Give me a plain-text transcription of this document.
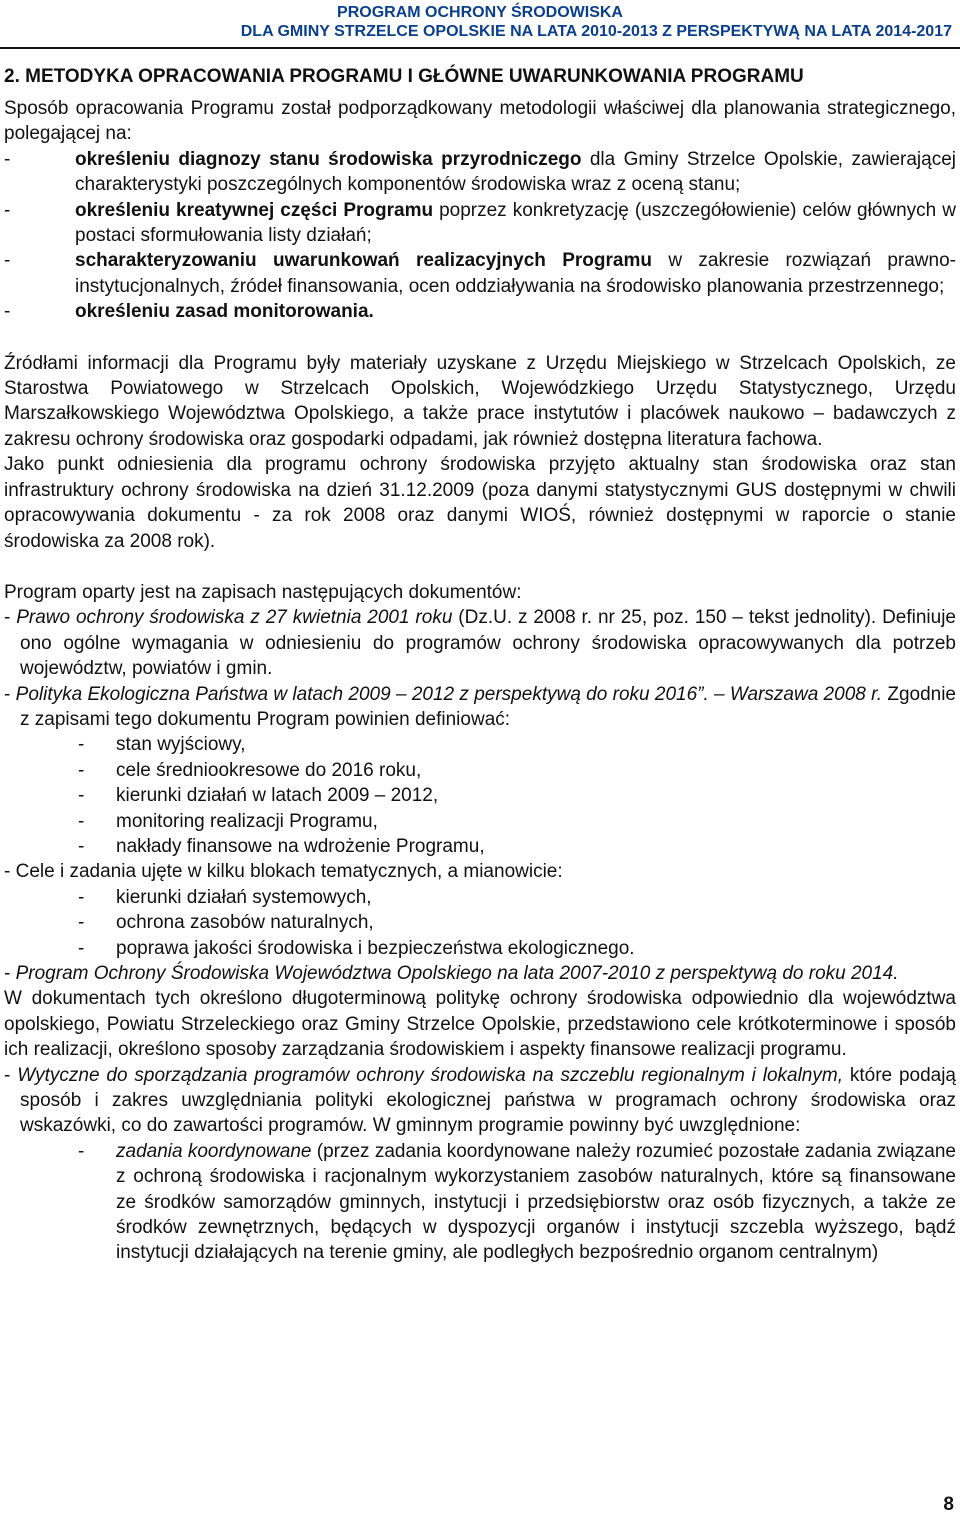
PROGRAM OCHRONY ŚRODOWISKA
DLA GMINY STRZELCE OPOLSKIE NA LATA 2010-2013 Z PERSPEKTYWĄ NA LATA 2014-2017
2. METODYKA OPRACOWANIA PROGRAMU I GŁÓWNE UWARUNKOWANIA PROGRAMU

Sposób opracowania Programu został podporządkowany metodologii właściwej dla planowania strategicznego, polegającej na:

-	określeniu diagnozy stanu środowiska przyrodniczego dla Gminy Strzelce Opolskie, zawierającej charakterystyki poszczególnych komponentów środowiska wraz z oceną stanu;
-	określeniu kreatywnej części Programu poprzez konkretyzację (uszczegółowienie) celów głównych w postaci sformułowania listy działań;
-	scharakteryzowaniu uwarunkowań realizacyjnych Programu w zakresie rozwiązań prawno-instytucjonalnych, źródeł finansowania, ocen oddziaływania na środowisko planowania przestrzennego;
-	określeniu zasad monitorowania.

Źródłami informacji dla Programu były materiały uzyskane z Urzędu Miejskiego w Strzelcach Opolskich, ze Starostwa Powiatowego w Strzelcach Opolskich, Wojewódzkiego Urzędu Statystycznego, Urzędu Marszałkowskiego Województwa Opolskiego, a także prace instytutów i placówek naukowo – badawczych z zakresu ochrony środowiska oraz gospodarki odpadami, jak również dostępna literatura fachowa.

Jako punkt odniesienia dla programu ochrony środowiska przyjęto aktualny stan środowiska oraz stan infrastruktury ochrony środowiska na dzień 31.12.2009 (poza danymi statystycznymi GUS dostępnymi w chwili opracowywania dokumentu - za rok 2008 oraz danymi WIOŚ, również dostępnymi w raporcie o stanie środowiska za 2008 rok).

Program oparty jest na zapisach następujących dokumentów:

- Prawo ochrony środowiska z 27 kwietnia 2001 roku (Dz.U. z 2008 r. nr 25, poz. 150 – tekst jednolity). Definiuje ono ogólne wymagania w odniesieniu do programów ochrony środowiska opracowywanych dla potrzeb województw, powiatów i gmin.

- Polityka Ekologiczna Państwa w latach 2009 – 2012 z perspektywą do roku 2016”. – Warszawa 2008 r. Zgodnie z zapisami tego dokumentu Program powinien definiować:

-	stan wyjściowy,
-	cele średniookresowe do 2016 roku,
-	kierunki działań w latach 2009 – 2012,
-	monitoring realizacji Programu,
-	nakłady finansowe na wdrożenie Programu,

- Cele i zadania ujęte w kilku blokach tematycznych, a mianowicie:

-	kierunki działań systemowych,
-	ochrona zasobów naturalnych,
-	poprawa jakości środowiska i bezpieczeństwa ekologicznego.

- Program Ochrony Środowiska Województwa Opolskiego na lata 2007-2010 z perspektywą do roku 2014.

W dokumentach tych określono długoterminową politykę ochrony środowiska odpowiednio dla województwa opolskiego, Powiatu Strzeleckiego oraz Gminy Strzelce Opolskie, przedstawiono cele krótkoterminowe i sposób ich realizacji, określono sposoby zarządzania środowiskiem i aspekty finansowe realizacji programu.

- Wytyczne do sporządzania programów ochrony środowiska na szczeblu regionalnym i lokalnym, które podają sposób i zakres uwzględniania polityki ekologicznej państwa w programach ochrony środowiska oraz wskazówki, co do zawartości programów. W gminnym programie powinny być uwzględnione:

-	zadania koordynowane (przez zadania koordynowane należy rozumieć pozostałe zadania związane z ochroną środowiska i racjonalnym wykorzystaniem zasobów naturalnych, które są finansowane ze środków samorządów gminnych, instytucji i przedsiębiorstw oraz osób fizycznych, a także ze środków zewnętrznych, będących w dyspozycji organów i instytucji szczebla wyższego, bądź instytucji działających na terenie gminy, ale podległych bezpośrednio organom centralnym)
8
